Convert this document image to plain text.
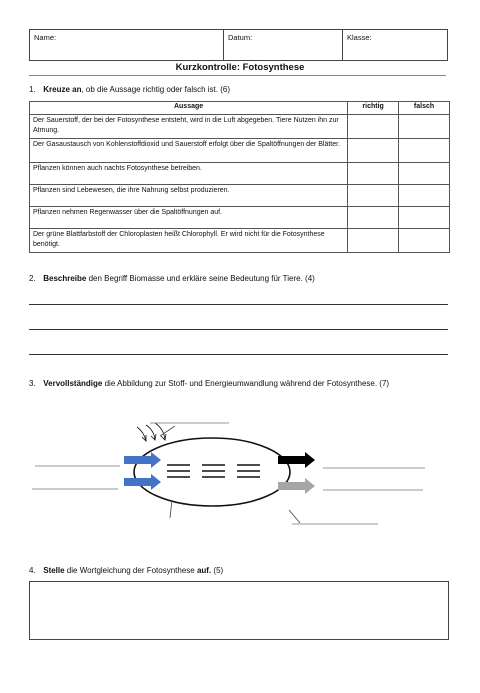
Name:	Datum:	Klasse:
Kurzkontrolle: Fotosynthese
1. Kreuze an, ob die Aussage richtig oder falsch ist. (6)
Aussage	richtig	falsch
Der Sauerstoff, der bei der Fotosynthese entsteht, wird in die Luft abgegeben. Tiere Nutzen ihn zur Atmung.		
Der Gasaustausch von Kohlenstoffdioxid und Sauerstoff erfolgt über die Spaltöffnungen der Blätter.		
Pflanzen können auch nachts Fotosynthese betreiben.		
Pflanzen sind Lebewesen, die ihre Nahrung selbst produzieren.		
Pflanzen nehmen Regenwasser über die Spaltöffnungen auf.		
Der grüne Blattfarbstoff der Chloroplasten heißt Chlorophyll. Er wird nicht für die Fotosynthese benötigt.		
2. Beschreibe den Begriff Biomasse und erkläre seine Bedeutung für Tiere. (4)
3. Vervollständige die Abbildung zur Stoff- und Energieumwandlung während der Fotosynthese. (7)
4. Stelle die Wortgleichung der Fotosynthese auf. (5)
